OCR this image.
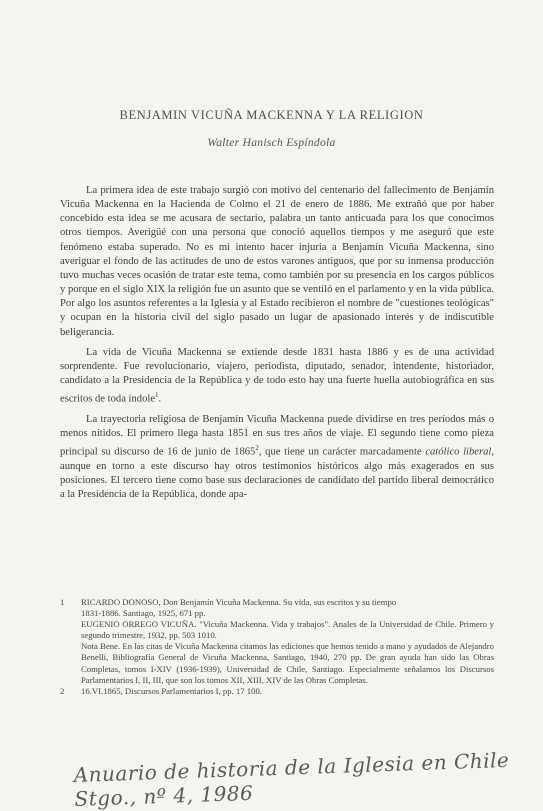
BENJAMIN VICUÑA MACKENNA Y LA RELIGION
Walter Hanisch Espíndola

La primera idea de este trabajo surgió con motivo del centenario del fallecimento de Benjamín Vicuña Mackenna en la Hacienda de Colmo el 21 de enero de 1886. Me extrañó que por haber concebido esta idea se me acusara de sectario, palabra un tanto anticuada para los que conocimos otros tiempos. Averigüé con una persona que conoció aquellos tiempos y me aseguró que este fenómeno estaba superado. No es mi intento hacer injuria a Benjamín Vicuña Mackenna, sino averiguar el fondo de las actitudes de uno de estos varones antiguos, que por su inmensa producción tuvo muchas veces ocasión de tratar este tema, como también por su presencia en los cargos públicos y porque en el siglo XIX la religión fue un asunto que se ventiló en el parlamento y en la vida pública. Por algo los asuntos referentes a la Iglesia y al Estado recibieron el nombre de "cuestiones teológicas" y ocupan en la historia civil del siglo pasado un lugar de apasionado interés y de indiscutible beligerancia.

La vida de Vicuña Mackenna se extiende desde 1831 hasta 1886 y es de una actividad sorprendente. Fue revolucionario, viajero, periodista, diputado, senador, intendente, historiador, candidato a la Presidencia de la República y de todo esto hay una fuerte huella autobiográfica en sus escritos de toda índole$^1$.

La trayectoria religiosa de Benjamín Vicuña Mackenna puede dividirse en tres períodos más o menos nítidos. El primero llega hasta 1851 en sus tres años de viaje. El segundo tiene como pieza principal su discurso de 16 de junio de 1865$^2$, que tiene un carácter marcadamente católico liberal, aunque en torno a este discurso hay otros testimonios históricos algo más exagerados en sus posiciones. El tercero tiene como base sus declaraciones de candidato del partido liberal democrático a la Presidencia de la República, donde apa-

1 RICARDO DONOSO, Don Benjamín Vicuña Mackenna. Su vida, sus escritos y su tiempo
1831-1886. Santiago, 1925, 671 pp.
EUGENIO ORREGO VICUÑA. "Vicuña Mackenna. Vida y trabajos". Anales de la Universidad de Chile. Primero y segundo trimestre, 1932, pp. 503 1010.
Nota Bene. En las citas de Vicuña Mackenna citamos las ediciones que hemos tenido a mano y ayudados de Alejandro Benelli, Bibliografía General de Vicuña Mackenna, Santiago, 1940, 270 pp. De gran ayuda han sido las Obras Completas, tomos I-XIV (1936-1939), Universidad de Chile, Santiago. Especialmente señalamos los Discursos Parlamentarios I, II, III, que son los tomos XII, XIII, XIV de las Obras Completas.
2 16.VI.1865, Discursos Parlamentarios I, pp. 17 100.
Anuario de historia de la Iglesia en Chile
Stgo., nº 4, 1986
